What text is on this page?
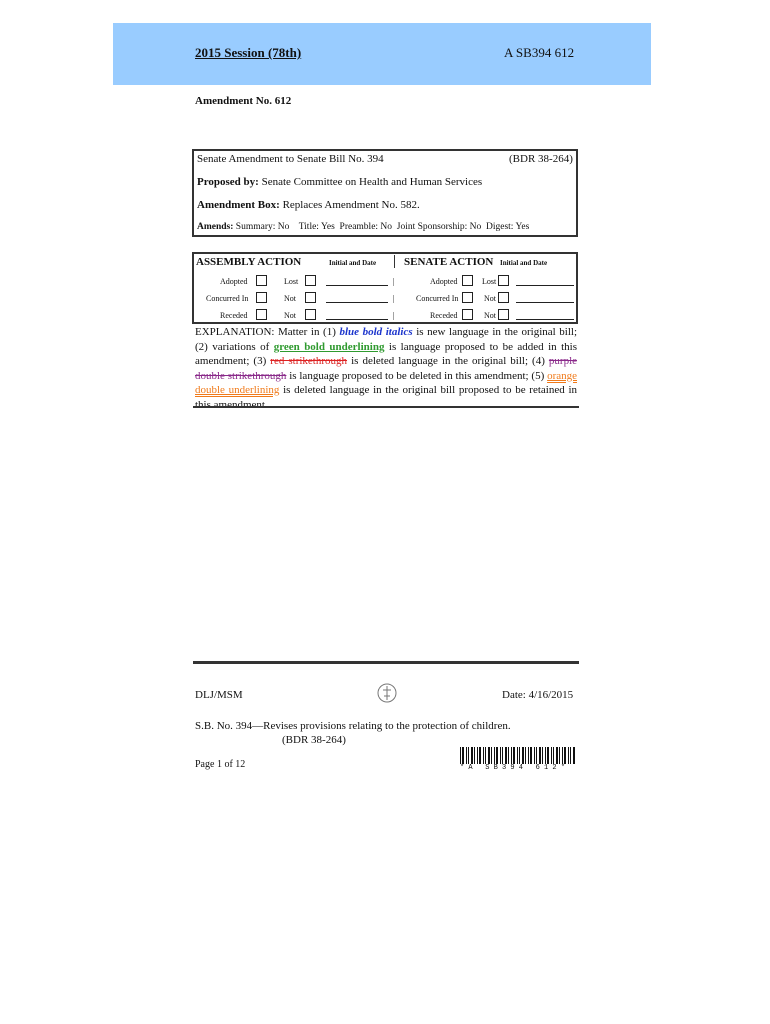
2015 Session (78th)	A SB394 612
Amendment No. 612
Senate Amendment to Senate Bill No. 394	(BDR 38-264)
Proposed by: Senate Committee on Health and Human Services
Amendment Box: Replaces Amendment No. 582.
Amends: Summary: No    Title: Yes  Preamble: No  Joint Sponsorship: No  Digest: Yes
ASSEMBLY ACTION	Initial and Date	SENATE ACTION Initial and Date
Adopted	Lost	|	Adopted	Lost
Concurred In	Not	|	Concurred In	Not
Receded	Not	|	Receded	Not
EXPLANATION: Matter in (1) blue bold italics is new language in the original bill; (2) variations of green bold underlining is language proposed to be added in this amendment; (3) red strikethrough is deleted language in the original bill; (4) purple double strikethrough is language proposed to be deleted in this amendment; (5) orange double underlining is deleted language in the original bill proposed to be retained in this amendment.
DLJ/MSM	Date: 4/16/2015
S.B. No. 394—Revises provisions relating to the protection of children.
(BDR 38-264)
Page 1 of 12	* A   S B 3 9 4   6 1 2 *
